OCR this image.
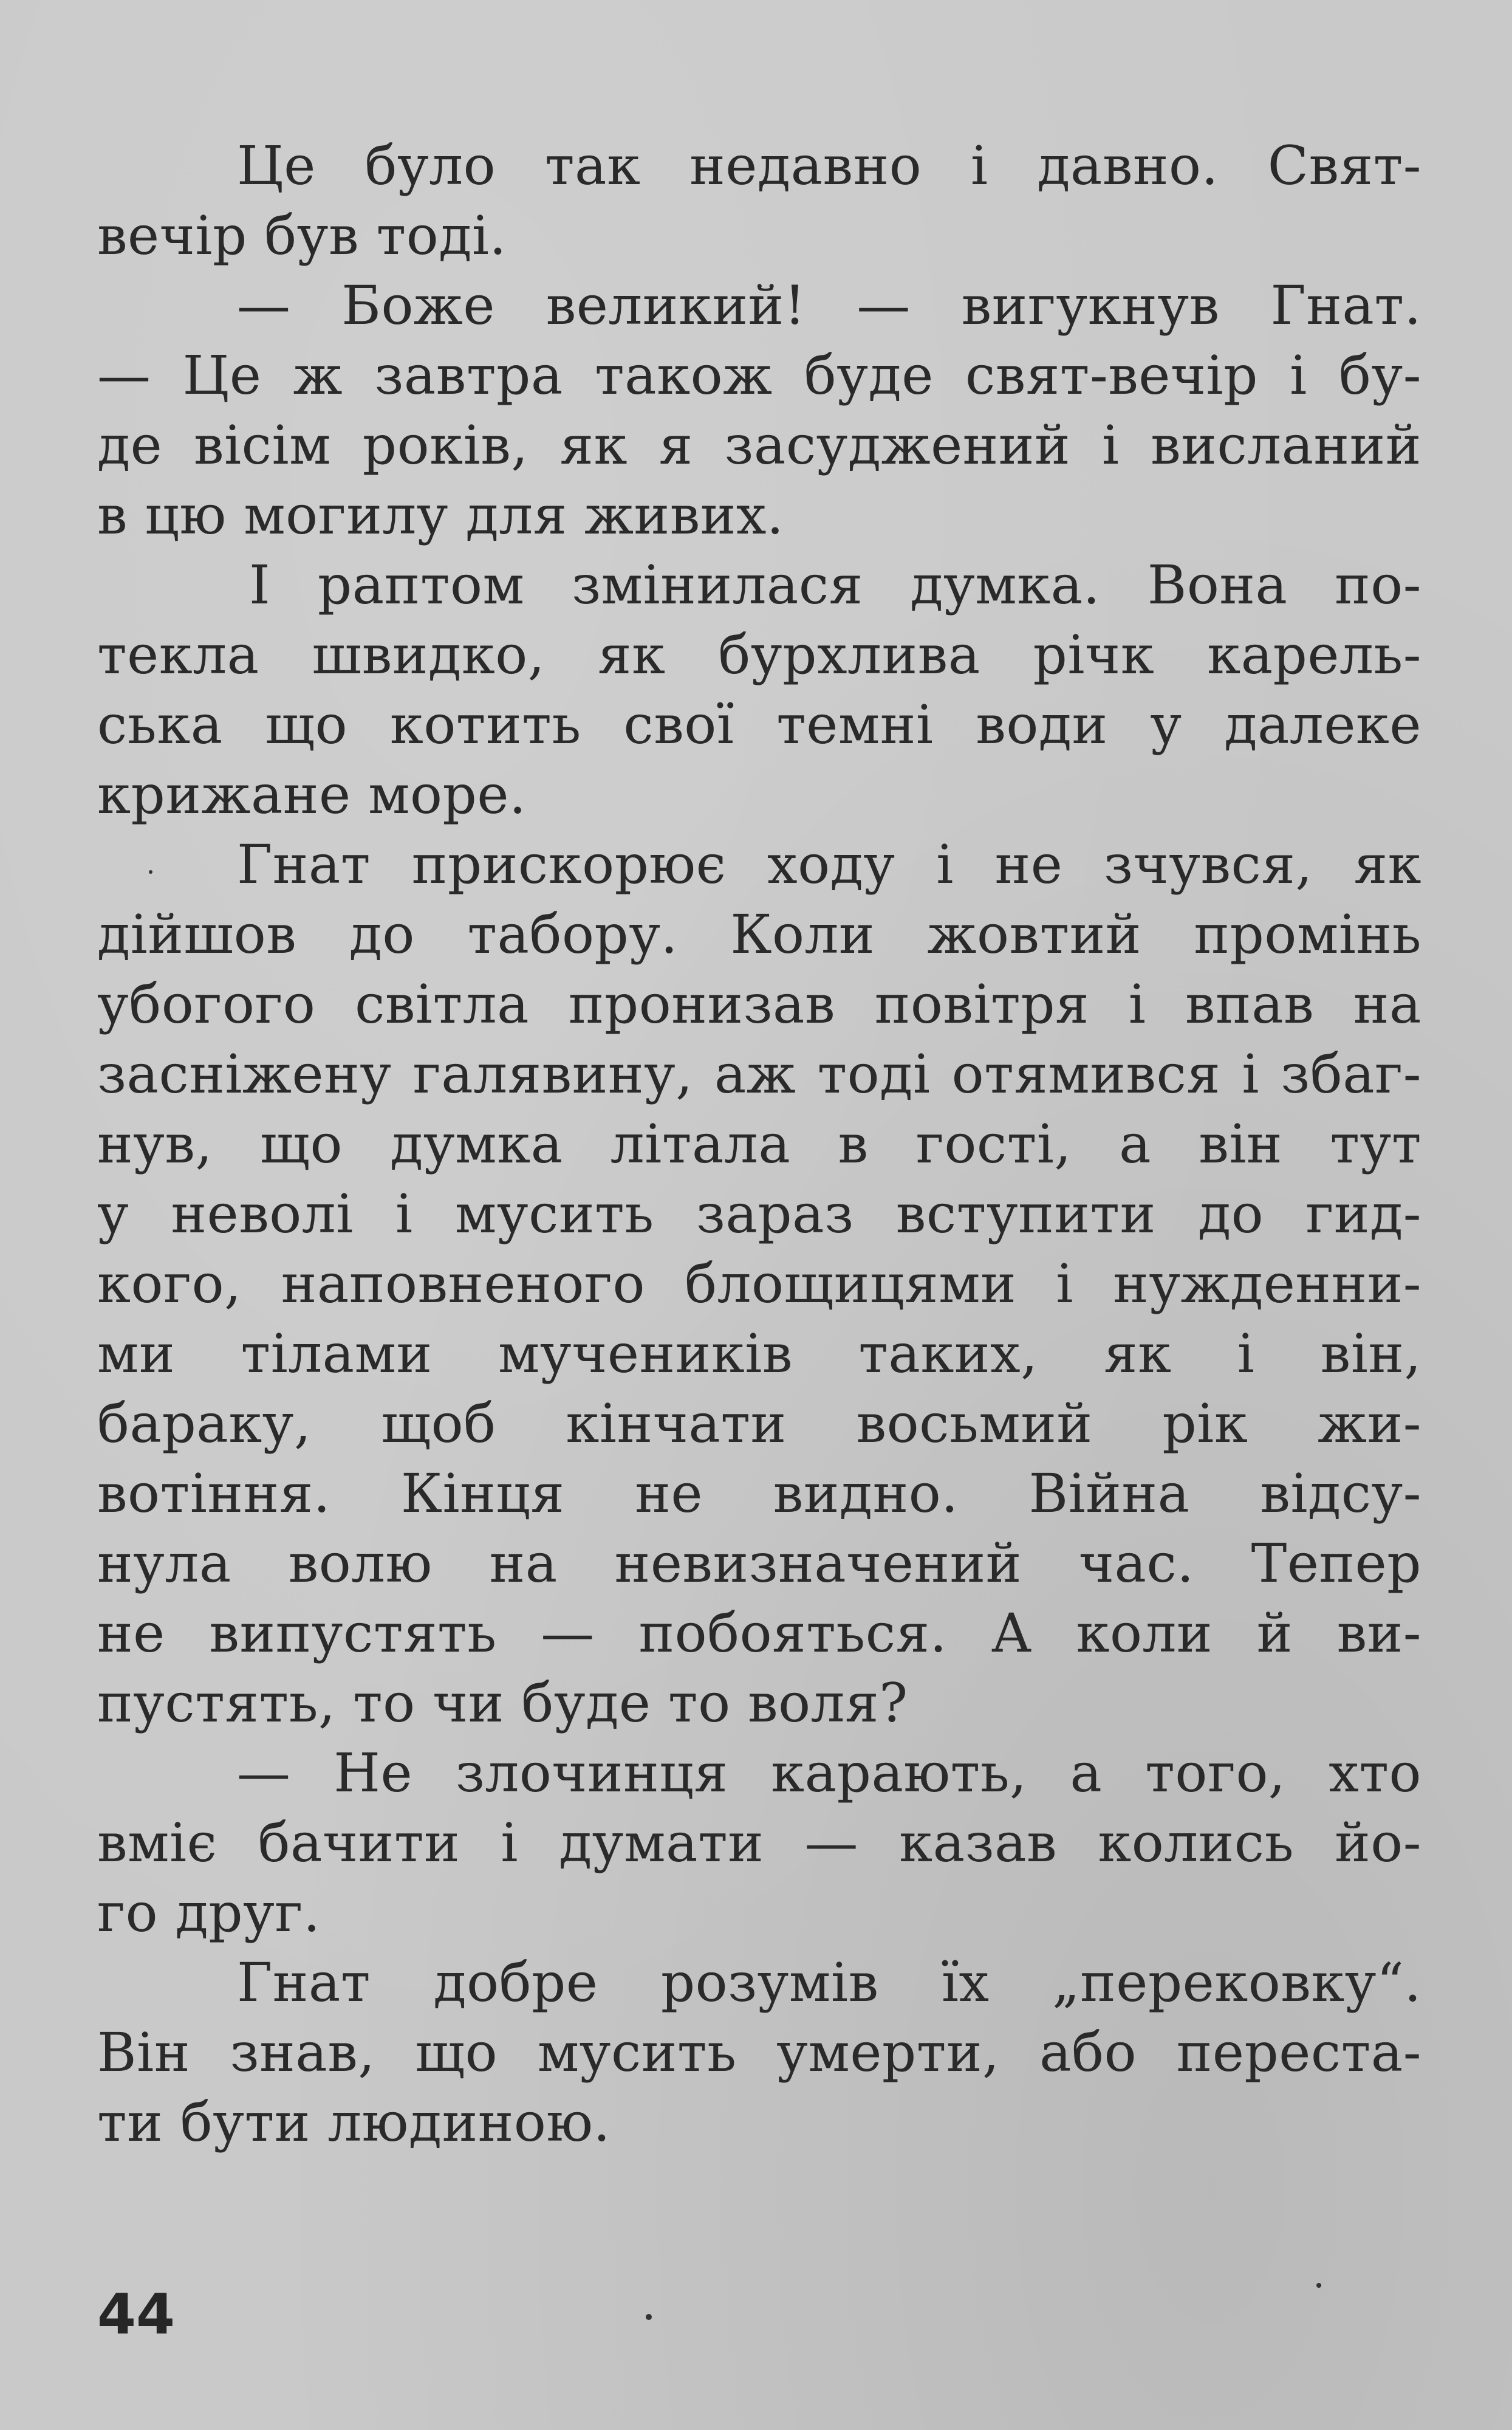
Це було так недавно і давно. Свят-
вечір був тоді.
— Боже великий! — вигукнув Гнат.
— Це ж завтра також буде свят-вечір і бу-
де вісім років, як я засуджений і висланий
в цю могилу для живих.
І раптом змінилася думка. Вона по-
текла швидко, як бурхлива річк карель-
ська що котить свої темні води у далеке
крижане море.
Гнат прискорює ходу і не зчувся, як
дійшов до табору. Коли жовтий промінь
убогого світла пронизав повітря і впав на
засніжену галявину, аж тоді отямився і збаг-
нув, що думка літала в гості, а він тут
у неволі і мусить зараз вступити до гид-
кого, наповненого блощицями і нужденни-
ми тілами мучеників таких, як і він,
бараку, щоб кінчати восьмий рік жи-
вотіння. Кінця не видно. Війна відсу-
нула волю на невизначений час. Тепер
не випустять — побояться. А коли й ви-
пустять, то чи буде то воля?
— Не злочинця карають, а того, хто
вміє бачити і думати — казав колись йо-
го друг.
Гнат добре розумів їх „перековку“.
Він знав, що мусить умерти, або переста-
ти бути людиною.
44
